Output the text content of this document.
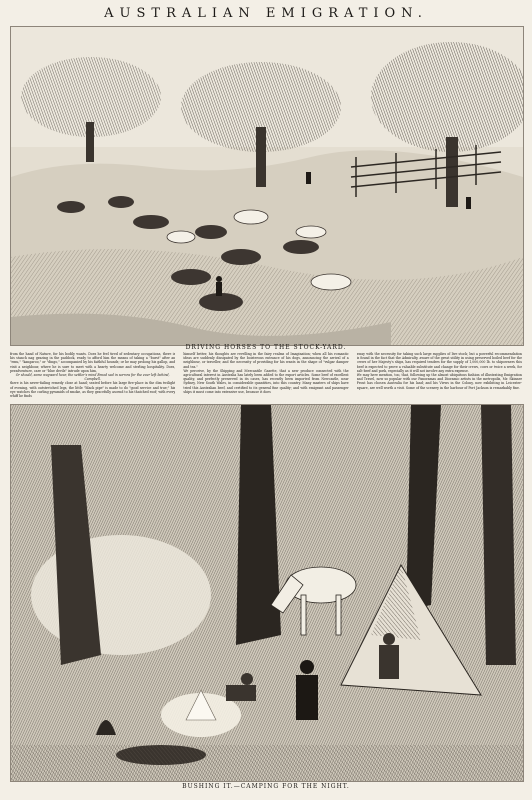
AUSTRALIAN EMIGRATION.
DRIVING HORSES TO THE STOCK-YARD.
from the hand of Nature, for his bodily wants. Does he feel tired of sedentary occupations, there is his stanch nag grazing in the paddock, ready to afford him the means of taking a "burst" after an "emu," "kangaroo," or "dingo," accompanied by his faithful hounds; or he may prolong his gallop, and visit a neighbour, where he is sure to meet with a hearty welcome and sterling hospitality. Does, peradventure, care or "blue devils" intrude upon him,
Or should, some wayward hour, the settler's mind Brood sad in sorrow for the ever left behind,
Campbell.
there is his never-failing remedy close at hand; seated before his large fire-place in the dim twilight of evening, with outstretched legs, the little "black pipe" is made to do "good service and true;" his eye watches the curling pyramids of smoke, as they gracefully ascend to his thatched roof; with every whiff he finds
himself better, his thoughts are revelling in the fairy realms of Imagination; when all his romantic ideas are suddenly dissipated by the boisterous entrance of his dogs, announcing the arrival of a neighbour, or traveller, and the necessity of providing for his wants in the shape of "vulgar damper and tea."
We perceive, by the Shipping and Mercantile Gazette, that a new produce connected with the agricultural interest in Australia has lately been added to the export articles. Some beef of excellent quality, and perfectly preserved in its cases, has recently been imported from Newcastle, near Sydney, New South Wales, in considerable quantities, into this country. Many masters of ships have tried this Australian beef, and certified to its general fine quality; and with emigrant and passenger ships it must come into extensive use, because it does
away with the necessity for taking such large supplies of live stock; but a powerful recommendation is found in the fact that the Admiralty, aware of the great utility in using preserved boiled beef for the crews of her Majesty's ships, has required tenders for the supply of 1,000,000 lb. to shipowners this beef is expected to prove a valuable substitute and change for their crews, cows or twice a week, for salt-beef and pork, especially as it will not involve any extra expense.
We may here mention, too, that, following up the almost ubiquitous fashion of illustrating Emigration and Travel, now so popular with our Panoramas and Dioramic artists in the metropolis, Mr. Skinner Prout has chosen Australia for his land; and his Views in the Colony, now exhibiting in Leicester-square, are well worth a visit. Some of the scenery in the harbour of Port Jackson is remarkably fine.
BUSHING IT.—CAMPING FOR THE NIGHT.
